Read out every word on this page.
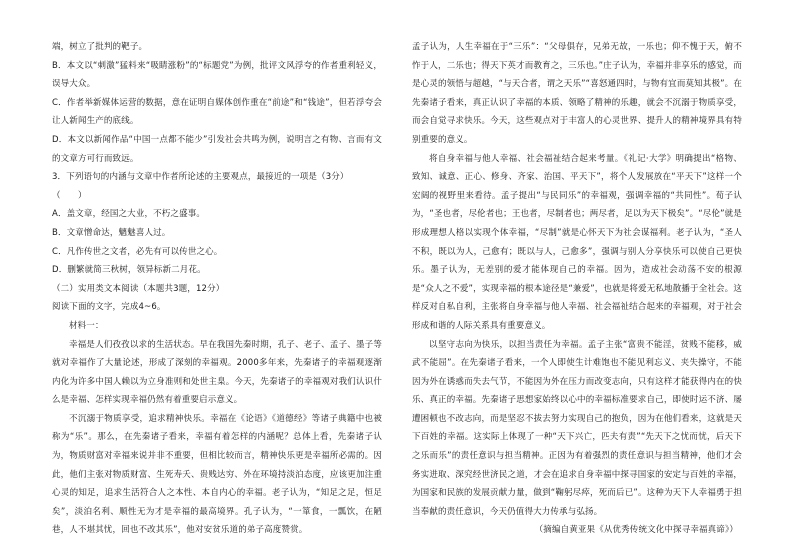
端，树立了批判的靶子。

B．本文以“刺激”猛料来“吸睛涨粉”的“标题党”为例，批评文风浮夸的作者重利轻义，误导大众。

C．作者举新媒体运营的数据，意在证明自媒体创作重在“前途”和“钱途”，但若浮夸会让人新闻生产的底线。

D．本文以新闻作品“中国一点都不能少”引发社会共鸣为例，说明言之有物、言而有文的文章方可行而致远。

3．下列语句的内涵与文章中作者所论述的主要观点，最接近的一项是（3分）

（　　）

A．盖文章，经国之大业，不朽之盛事。

B．文章憎命达，魑魅喜人过。

C．凡作传世之文者，必先有可以传世之心。

D．删繁就简三秋树，领异标新二月花。

（二）实用类文本阅读（本题共3题，12分）

阅读下面的文字，完成4~6。

材料一：

幸福是人们孜孜以求的生活状态。早在我国先秦时期，孔子、老子、孟子、墨子等就对幸福作了大量论述，形成了深刻的幸福观。2000多年来，先秦诸子的幸福观逐渐内化为许多中国人赖以为立身准则和处世主臬。今天，先秦诸子的幸福观对我们认识什么是幸福、怎样实现幸福仍然有着重要启示意义。

不沉溺于物质享受，追求精神快乐。幸福在《论语》《道德经》等诸子典籍中也被称为“乐”。那么，在先秦诸子看来，幸福有着怎样的内涵呢？总体上看，先秦诸子认为，物质财富对幸福来说并非不重要，但相比较而言，精神快乐更是幸福所必需的。因此，他们主张对物质财富、生死寿夭、贵贱达穷、外在环境持淡泊态度，应该更加注重心灵的知足，追求生活符合人之本性、本自内心的幸福。老子认为，“知足之足，恒足矣”，淡泊名利、顺性无为才是幸福的最高境界。孔子认为，“一箪食，一瓢饮，在陋巷，人不堪其忧，回也不改其乐”，他对安贫乐道的弟子高度赞赏。

孟子认为，人生幸福在于“三乐”：“父母俱存，兄弟无故，一乐也；仰不愧于天，俯不怍于人，二乐也；得天下英才而教育之，三乐也。”庄子认为，幸福并非享乐的感觉，而是心灵的领悟与超越，“与天合者，谓之天乐”“喜怒通四时，与物有宜而莫知其极”。在先秦诸子看来，真正认识了幸福的本质、领略了精神的乐趣，就会不沉溺于物质享受，而会自觉寻求快乐。今天，这些观点对于丰富人的心灵世界、提升人的精神境界具有特别重要的意义。

将自身幸福与他人幸福、社会福祉结合起来考量。《礼记·大学》明确提出“格物、致知、诚意、正心、修身、齐家、治国、平天下”，将个人发展放在“平天下”这样一个宏阔的视野里来看待。孟子提出“与民同乐”的幸福观，强调幸福的“共同性”。荀子认为，“圣也者，尽伦者也；王也者，尽制者也；两尽者，足以为天下极矣”。“尽伦”就是形成理想人格以实现个体幸福，“尽制”就是心怀天下为社会谋福利。老子认为，“圣人不积，既以为人，己愈有；既以与人，己愈多”，强调与别人分享快乐可以使自己更快乐。墨子认为，无差别的爱才能体现自己的幸福。因为，造成社会动荡不安的根源是“众人之不爱”，实现幸福的根本途径是“兼爱”，也就是将爱无私地散播于全社会。这样反对自私自利，主张将自身幸福与他人幸福、社会福祉结合起来的幸福观，对于社会形成和谐的人际关系具有重要意义。

以坚守志向为快乐，以担当责任为幸福。孟子主张“富贵不能淫，贫贱不能移，威武不能屈”。在先秦诸子看来，一个人即使生计难饱也不能见利忘义、夹失操守，不能因为外在诱惑而失去气节，不能因为外在压力而改变志向，只有这样才能获得内在的快乐、真正的幸福。先秦诸子思想家始终以心中的幸福标准要求自己，即使时运不济、屡遭困顿也不改志向，而是坚忍不拔去努力实现自己的抱负，因为在他们看来，这就是天下百姓的幸福。这实际上体现了一种“天下兴亡，匹夫有责”“先天下之忧而忧，后天下之乐而乐”的责任意识与担当精神。正因为有着强烈的责任意识与担当精神，他们才会务实进取、深究经世济民之道，才会在追求自身幸福中探寻国家的安定与百姓的幸福，为国家和民族的发展贡献力量，做到“鞠躬尽瘁，死而后已”。这种为天下人幸福勇于担当奉献的责任意识，今天仍值得大力传承与弘扬。

（摘编自黄亚果《从优秀传统文化中探寻幸福真谛》）
